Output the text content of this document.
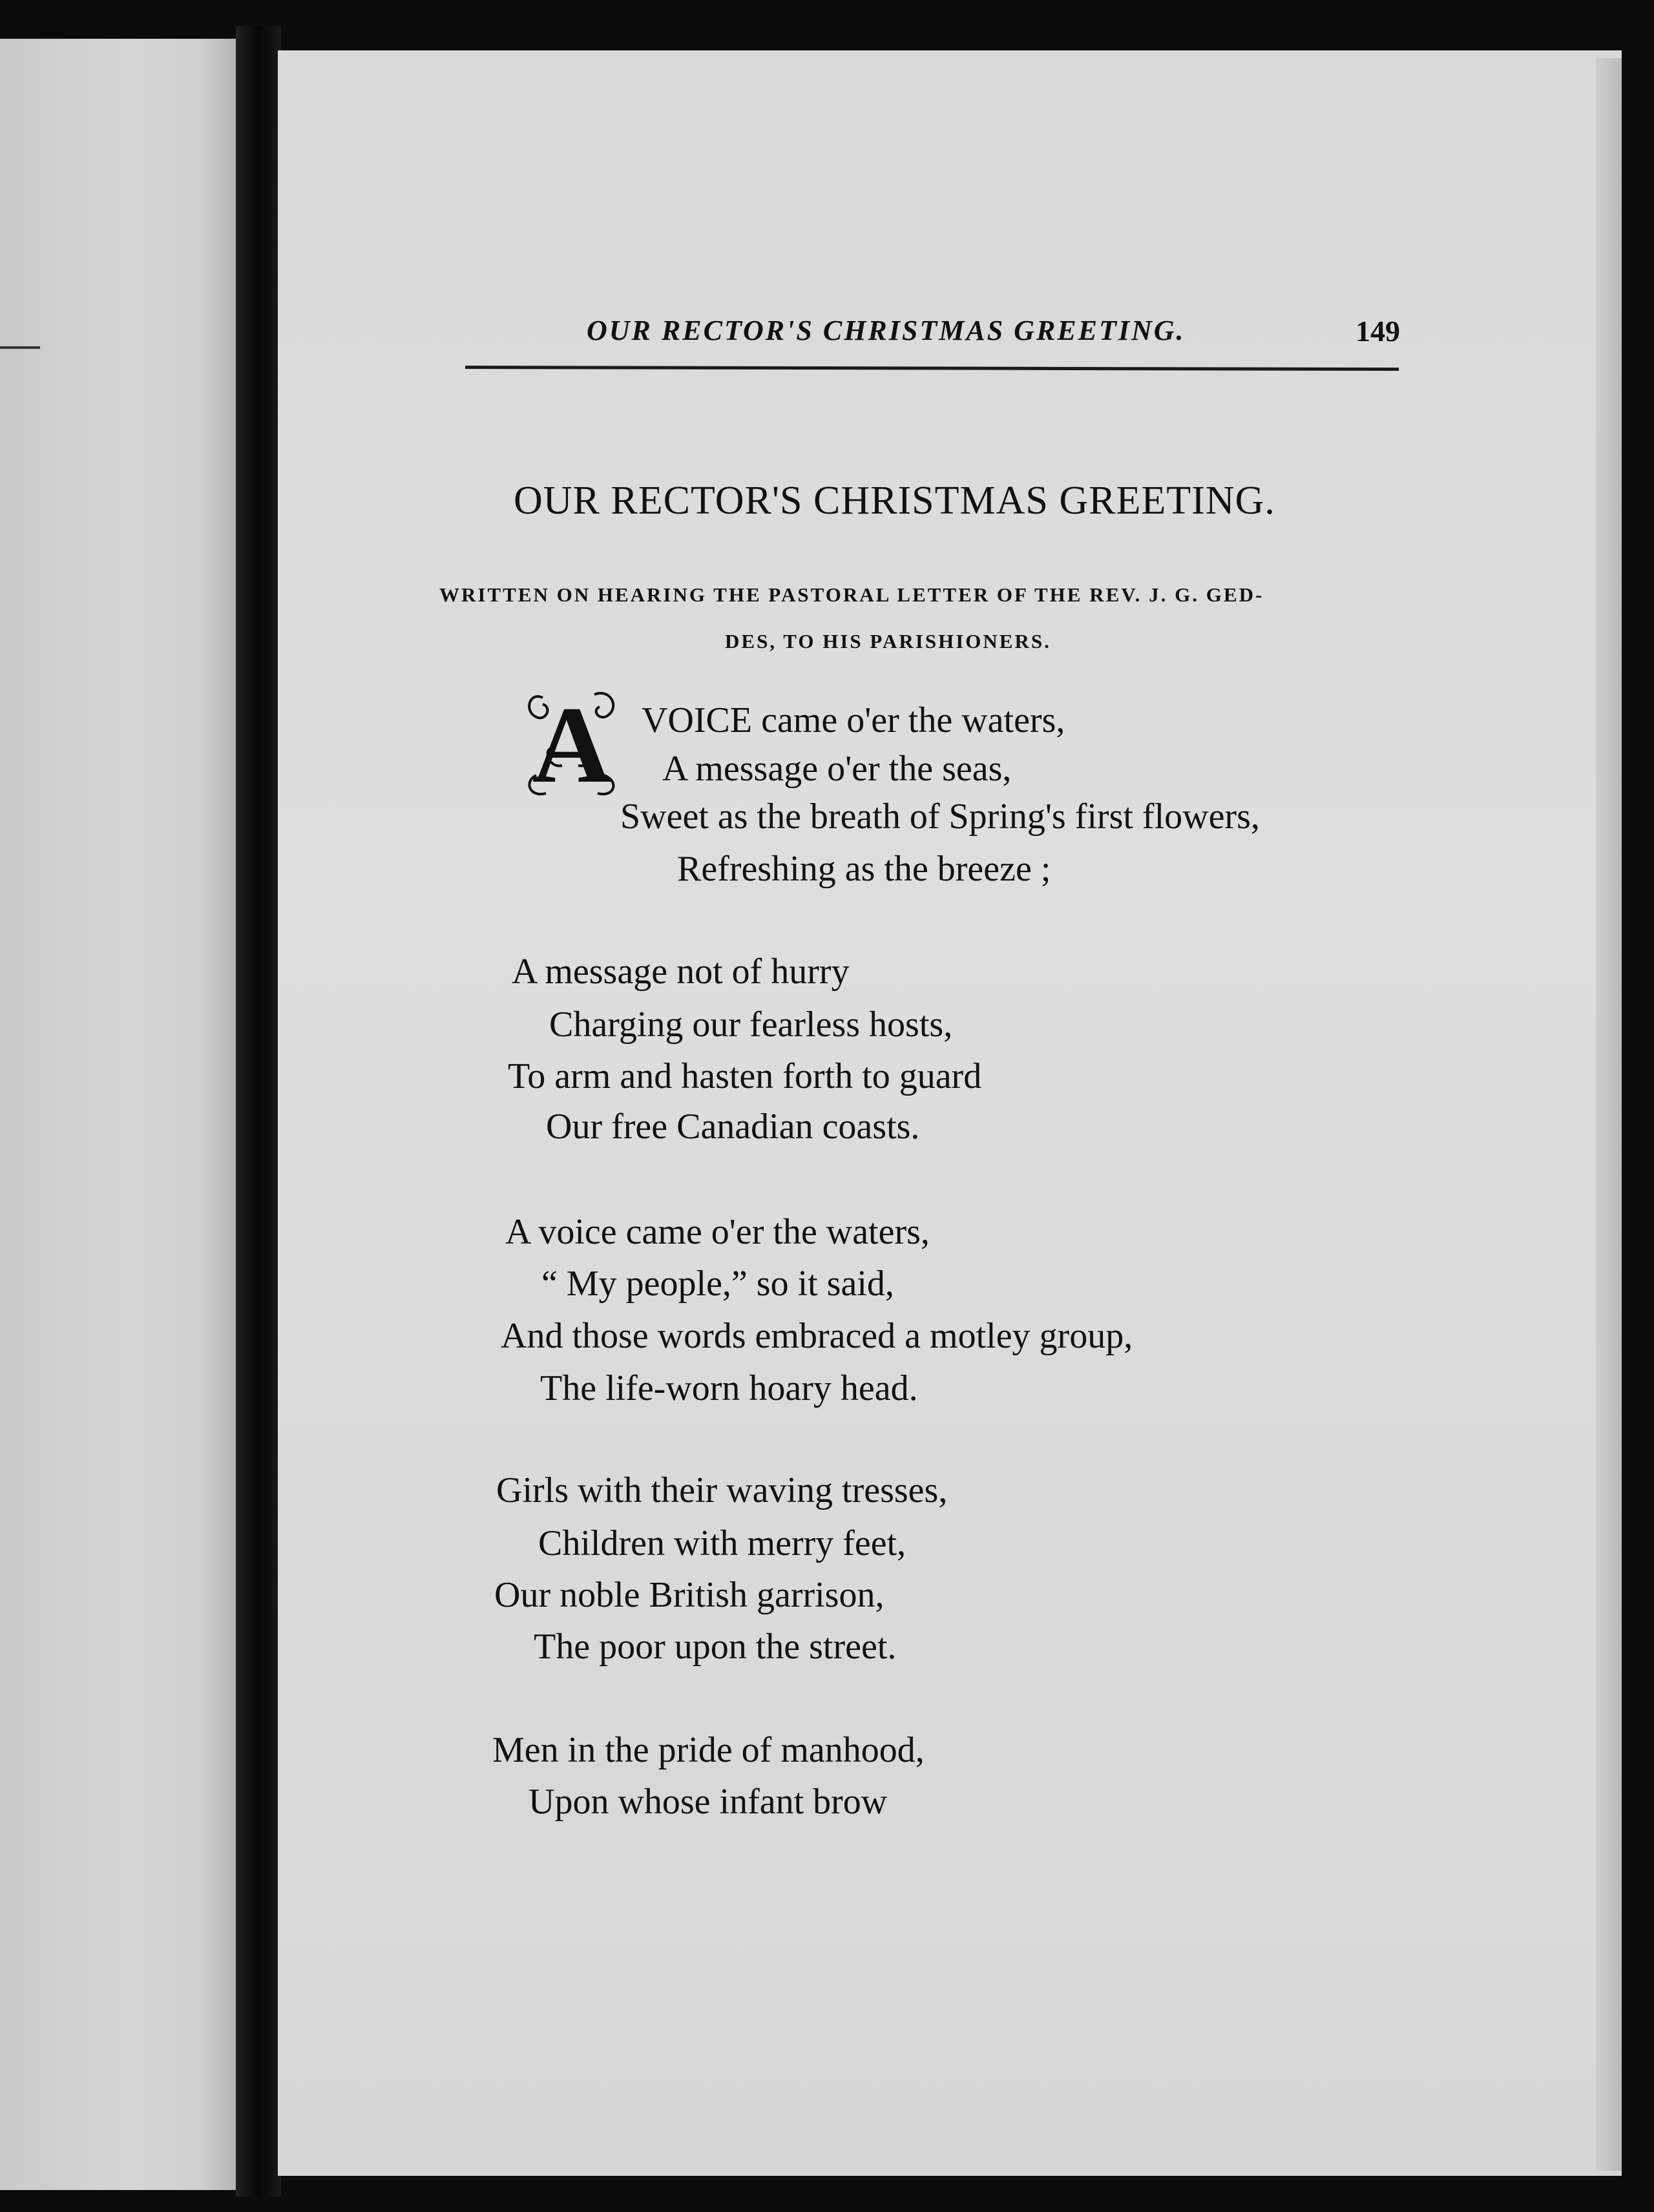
OUR RECTOR'S CHRISTMAS GREETING.	149
OUR RECTOR'S CHRISTMAS GREETING.
WRITTEN ON HEARING THE PASTORAL LETTER OF THE REV. J. G. GED-
DES, TO HIS PARISHIONERS.
A VOICE came o'er the waters,
A message o'er the seas,
Sweet as the breath of Spring's first flowers,
Refreshing as the breeze ;
A message not of hurry
Charging our fearless hosts,
To arm and hasten forth to guard
Our free Canadian coasts.
A voice came o'er the waters,
“ My people,” so it said,
And those words embraced a motley group,
The life-worn hoary head.
Girls with their waving tresses,
Children with merry feet,
Our noble British garrison,
The poor upon the street.
Men in the pride of manhood,
Upon whose infant brow
